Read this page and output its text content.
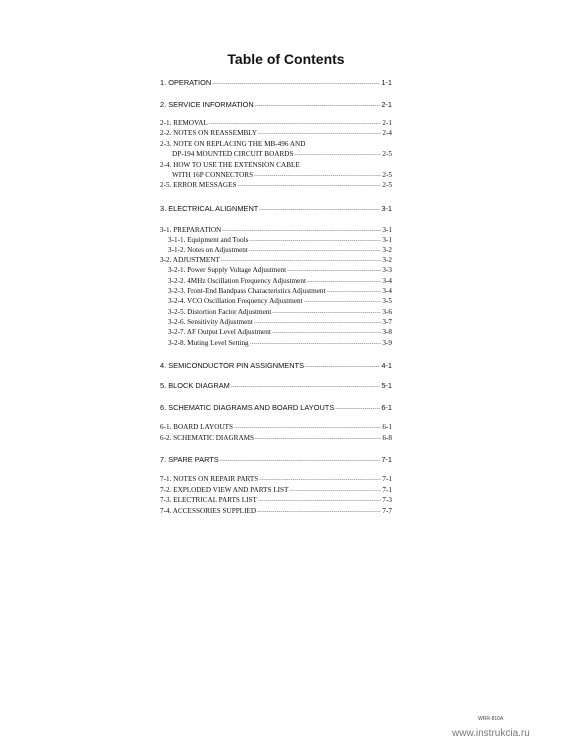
Table of Contents
1. OPERATION -----	1-1
2. SERVICE INFORMATION -----	2-1
2-1. REMOVAL -----	2-1
2-2. NOTES ON REASSEMBLY -----	2-4
2-3. NOTE ON REPLACING THE MB-496 AND
DP-194 MOUNTED CIRCUIT BOARDS -----	2-5
2-4. HOW TO USE THE EXTENSION CABLE
WITH 16P CONNECTORS -----	2-5
2-5. ERROR MESSAGES -----	2-5
3. ELECTRICAL ALIGNMENT -----	3-1
3-1. PREPARATION -----	3-1
3-1-1. Equipment and Tools -----	3-1
3-1-2. Notes on Adjustment -----	3-2
3-2. ADJUSTMENT -----	3-2
3-2-1. Power Supply Voltage Adjustment -----	3-3
3-2-2. 4MHz Oscillation Frequency Adjustment -----	3-4
3-2-3. Front-End Bandpass Characteristics Adjustment -----	3-4
3-2-4. VCO Oscillation Frequency Adjustment -----	3-5
3-2-5. Distortion Factor Adjustment -----	3-6
3-2-6. Sensitivity Adjustment -----	3-7
3-2-7. AF Output Level Adjustment -----	3-8
3-2-8. Muting Level Setting -----	3-9
4. SEMICONDUCTOR PIN ASSIGNMENTS -----	4-1
5. BLOCK DIAGRAM -----	5-1
6. SCHEMATIC DIAGRAMS AND BOARD LAYOUTS -----	6-1
6-1. BOARD LAYOUTS -----	6-1
6-2. SCHEMATIC DIAGRAMS -----	6-8
7. SPARE PARTS -----	7-1
7-1. NOTES ON REPAIR PARTS -----	7-1
7-2. EXPLODED VIEW AND PARTS LIST -----	7-1
7-3. ELECTRICAL PARTS LIST -----	7-3
7-4. ACCESSORIES SUPPLIED -----	7-7
WRR-810A
www.instrukcia.ru
